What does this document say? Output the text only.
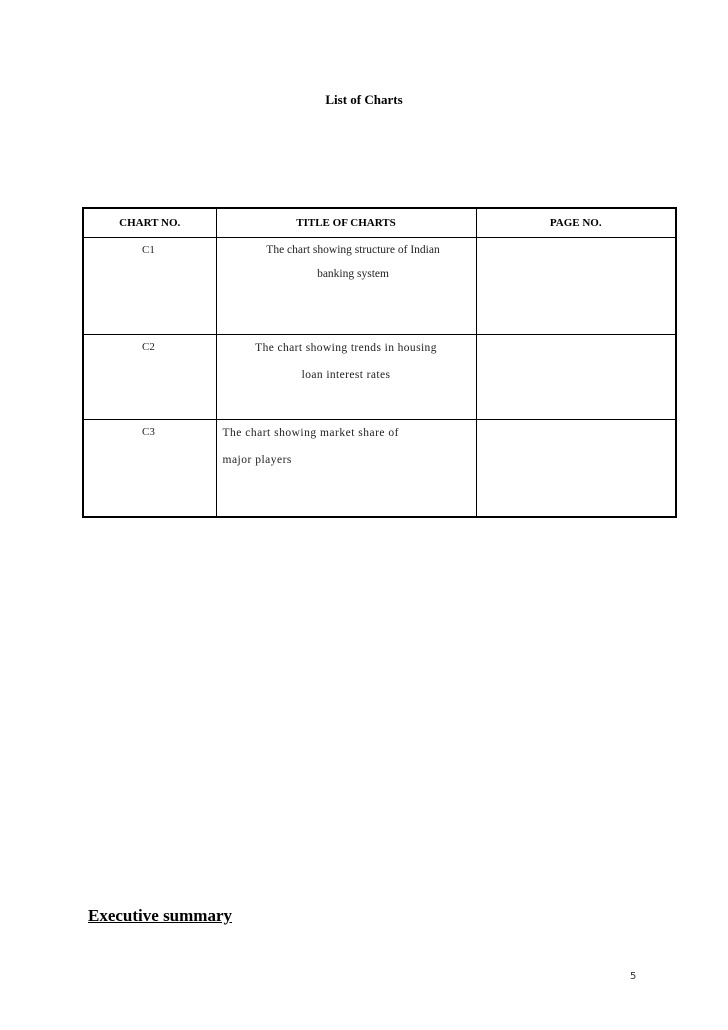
List of Charts
CHART NO.	TITLE OF CHARTS	PAGE NO.
C1	The chart showing structure of Indian
banking system	

C2	The chart showing trends in housing
loan interest rates	

C3	The chart showing market share of
major players	

Executive summary
5
